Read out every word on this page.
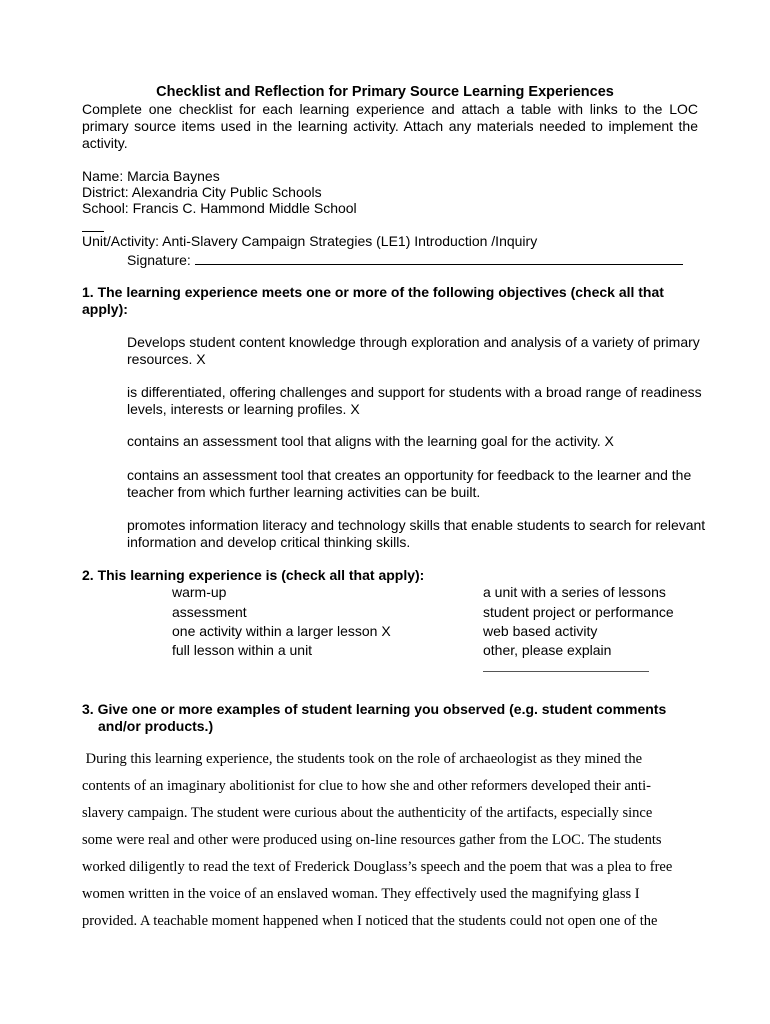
Checklist and Reflection for Primary Source Learning Experiences
Complete one checklist for each learning experience and attach a table with links to the LOC primary source items used in the learning activity. Attach any materials needed to implement the activity.
Name: Marcia Baynes
District: Alexandria City Public Schools
School: Francis C. Hammond Middle School
Unit/Activity: Anti-Slavery Campaign Strategies (LE1) Introduction /Inquiry
Signature:
1. The learning experience meets one or more of the following objectives (check all that apply):
Develops student content knowledge through exploration and analysis of a variety of primary resources. X
is differentiated, offering challenges and support for students with a broad range of readiness levels, interests or learning profiles. X
contains an assessment tool that aligns with the learning goal for the activity. X
contains an assessment tool that creates an opportunity for feedback to the learner and the teacher from which further learning activities can be built.
promotes information literacy and technology skills that enable students to search for relevant information and develop critical thinking skills.
2. This learning experience is (check all that apply):
warm-up
assessment
one activity within a larger lesson X
full lesson within a unit
a unit with a series of lessons
student project or performance
web based activity
other, please explain
3. Give one or more examples of student learning you observed (e.g. student comments
and/or products.)
During this learning experience, the students took on the role of archaeologist as they mined the
contents of an imaginary abolitionist for clue to how she and other reformers developed their anti-
slavery campaign. The student were curious about the authenticity of the artifacts, especially since
some were real and other were produced using on-line resources gather from the LOC. The students
worked diligently to read the text of Frederick Douglass’s speech and the poem that was a plea to free
women written in the voice of an enslaved woman. They effectively used the magnifying glass I
provided. A teachable moment happened when I noticed that the students could not open one of the
